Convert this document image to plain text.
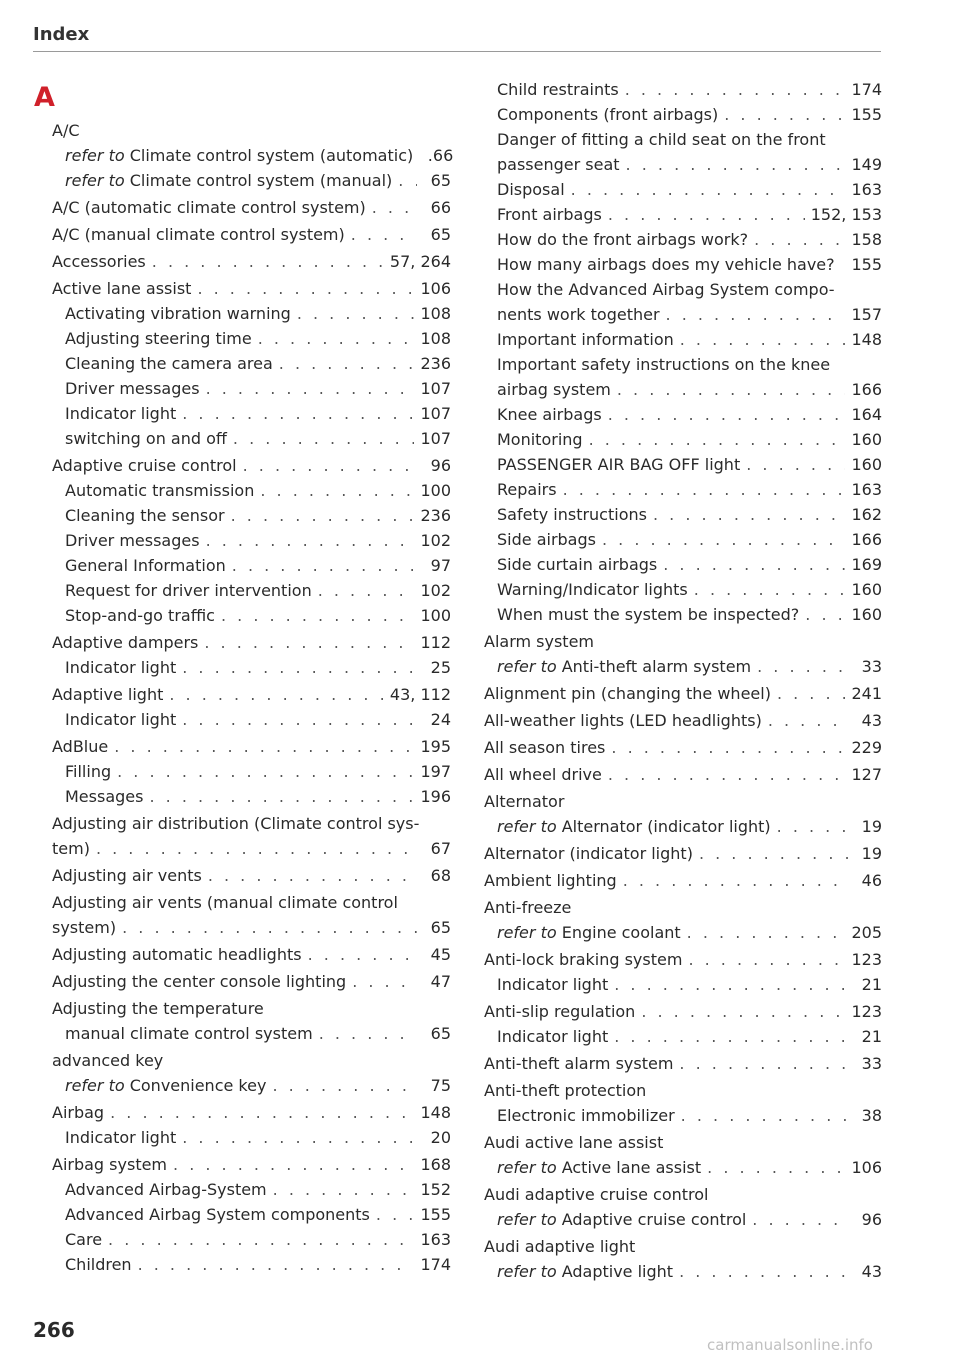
Index
A
A/C
refer to Climate control system (automatic) .66
refer to Climate control system (manual) . . .	65
A/C (automatic climate control system) . . .	66
A/C (manual climate control system) . . .	65
Accessories . . .	57, 264
Active lane assist . . .	106
Activating vibration warning . . .	108
Adjusting steering time . . .	108
Cleaning the camera area . . .	236
Driver messages . . .	107
Indicator light . . .	107
switching on and off . . .	107
Adaptive cruise control . . .	96
Automatic transmission . . .	100
Cleaning the sensor . . .	236
Driver messages . . .	102
General Information . . .	97
Request for driver intervention . . .	102
Stop-and-go traffic . . .	100
Adaptive dampers . . .	112
Indicator light . . .	25
Adaptive light . . .	43, 112
Indicator light . . .	24
AdBlue . . .	195
Filling . . .	197
Messages . . .	196
Adjusting air distribution (Climate control sys-
tem) . . .	67
Adjusting air vents . . .	68
Adjusting air vents (manual climate control
system) . . .	65
Adjusting automatic headlights . . .	45
Adjusting the center console lighting . . .	47
Adjusting the temperature
manual climate control system . . .	65
advanced key
refer to Convenience key . . .	75
Airbag . . .	148
Indicator light . . .	20
Airbag system . . .	168
Advanced Airbag-System . . .	152
Advanced Airbag System components . . .	155
Care . . .	163
Children . . .	174
Child restraints . . .	174
Components (front airbags) . . .	155
Danger of fitting a child seat on the front
passenger seat . . .	149
Disposal . . .	163
Front airbags . . .	152, 153
How do the front airbags work? . . .	158
How many airbags does my vehicle have? 155
How the Advanced Airbag System compo-
nents work together . . .	157
Important information . . .	148
Important safety instructions on the knee
airbag system . . .	166
Knee airbags . . .	164
Monitoring . . .	160
PASSENGER AIR BAG OFF light . . .	160
Repairs . . .	163
Safety instructions . . .	162
Side airbags . . .	166
Side curtain airbags . . .	169
Warning/Indicator lights . . .	160
When must the system be inspected? . . .	160
Alarm system
refer to Anti-theft alarm system . . .	33
Alignment pin (changing the wheel) . . .	241
All-weather lights (LED headlights) . . .	43
All season tires . . .	229
All wheel drive . . .	127
Alternator
refer to Alternator (indicator light) . . .	19
Alternator (indicator light) . . .	19
Ambient lighting . . .	46
Anti-freeze
refer to Engine coolant . . .	205
Anti-lock braking system . . .	123
Indicator light . . .	21
Anti-slip regulation . . .	123
Indicator light . . .	21
Anti-theft alarm system . . .	33
Anti-theft protection
Electronic immobilizer . . .	38
Audi active lane assist
refer to Active lane assist . . .	106
Audi adaptive cruise control
refer to Adaptive cruise control . . .	96
Audi adaptive light
refer to Adaptive light . . .	43
266
carmanualsonline.info
